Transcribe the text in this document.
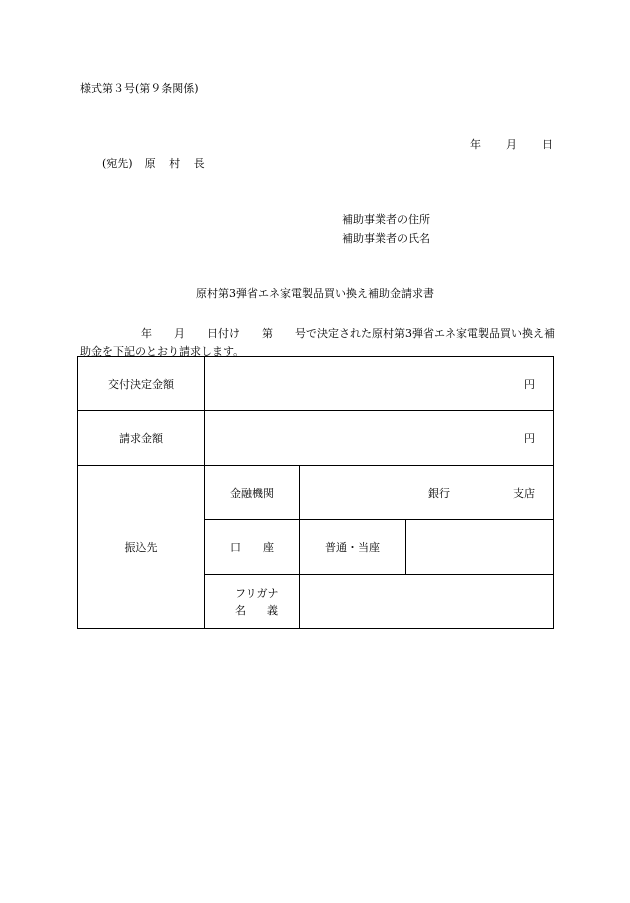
様式第３号(第９条関係)
年 月 日
(宛先) 原 村 長
補助事業者の住所
補助事業者の氏名
原村第3弾省エネ家電製品買い換え補助金請求書
年　　月　　日付け　　第　　号で決定された原村第3弾省エネ家電製品買い換え補
助金を下記のとおり請求します。
交付決定金額	円		
請求金額	円		
振込先	金融機関	銀行 支店	

	口　　座	普通・当座	

	フリガナ
名義		
